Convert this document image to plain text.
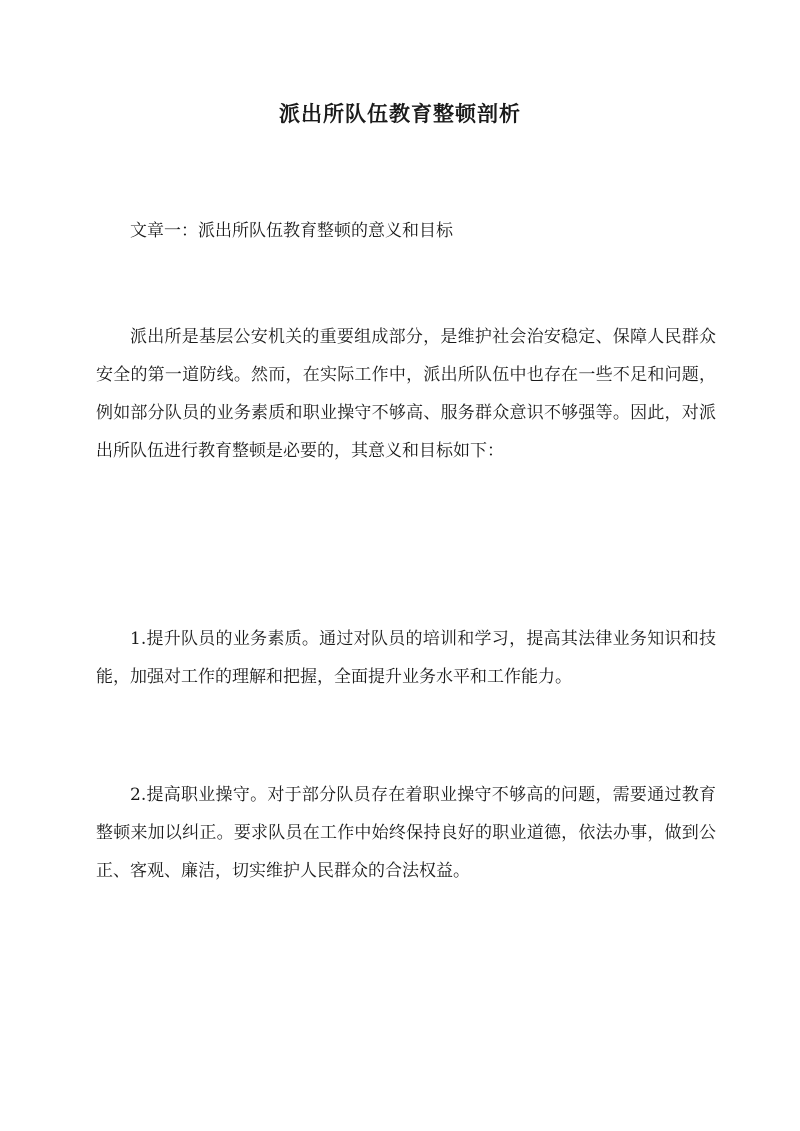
派出所队伍教育整顿剖析

文章一：派出所队伍教育整顿的意义和目标

派出所是基层公安机关的重要组成部分，是维护社会治安稳定、保障人民群众安全的第一道防线。然而，在实际工作中，派出所队伍中也存在一些不足和问题，例如部分队员的业务素质和职业操守不够高、服务群众意识不够强等。因此，对派出所队伍进行教育整顿是必要的，其意义和目标如下：

1.提升队员的业务素质。通过对队员的培训和学习，提高其法律业务知识和技能，加强对工作的理解和把握，全面提升业务水平和工作能力。

2.提高职业操守。对于部分队员存在着职业操守不够高的问题，需要通过教育整顿来加以纠正。要求队员在工作中始终保持良好的职业道德，依法办事，做到公正、客观、廉洁，切实维护人民群众的合法权益。
